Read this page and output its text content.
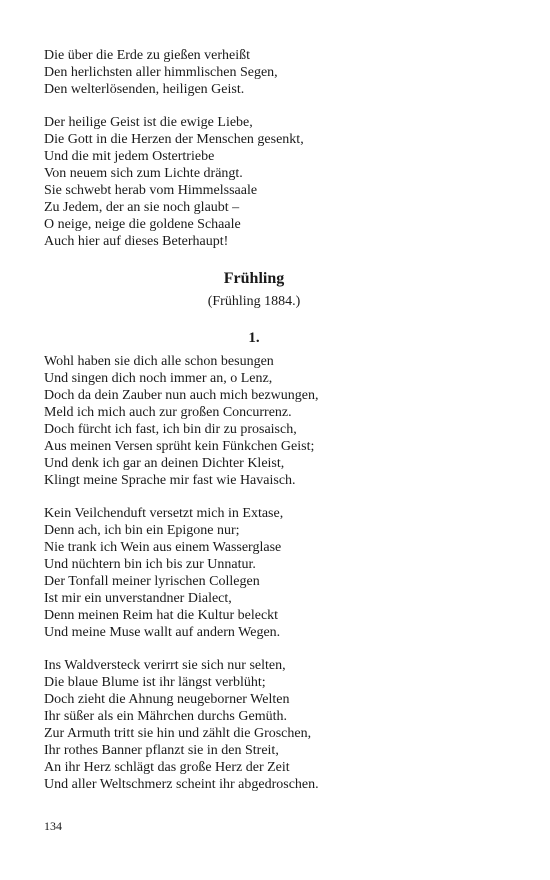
Die über die Erde zu gießen verheißt
Den herlichsten aller himmlischen Segen,
Den welterlösenden, heiligen Geist.
Der heilige Geist ist die ewige Liebe,
Die Gott in die Herzen der Menschen gesenkt,
Und die mit jedem Ostertriebe
Von neuem sich zum Lichte drängt.
Sie schwebt herab vom Himmelssaale
Zu Jedem, der an sie noch glaubt –
O neige, neige die goldene Schaale
Auch hier auf dieses Beterhaupt!
Frühling
(Frühling 1884.)
1.
Wohl haben sie dich alle schon besungen
Und singen dich noch immer an, o Lenz,
Doch da dein Zauber nun auch mich bezwungen,
Meld ich mich auch zur großen Concurrenz.
Doch fürcht ich fast, ich bin dir zu prosaisch,
Aus meinen Versen sprüht kein Fünkchen Geist;
Und denk ich gar an deinen Dichter Kleist,
Klingt meine Sprache mir fast wie Havaisch.
Kein Veilchenduft versetzt mich in Extase,
Denn ach, ich bin ein Epigone nur;
Nie trank ich Wein aus einem Wasserglase
Und nüchtern bin ich bis zur Unnatur.
Der Tonfall meiner lyrischen Collegen
Ist mir ein unverstandner Dialect,
Denn meinen Reim hat die Kultur beleckt
Und meine Muse wallt auf andern Wegen.
Ins Waldversteck verirrt sie sich nur selten,
Die blaue Blume ist ihr längst verblüht;
Doch zieht die Ahnung neugeborner Welten
Ihr süßer als ein Mährchen durchs Gemüth.
Zur Armuth tritt sie hin und zählt die Groschen,
Ihr rothes Banner pflanzt sie in den Streit,
An ihr Herz schlägt das große Herz der Zeit
Und aller Weltschmerz scheint ihr abgedroschen.
134
